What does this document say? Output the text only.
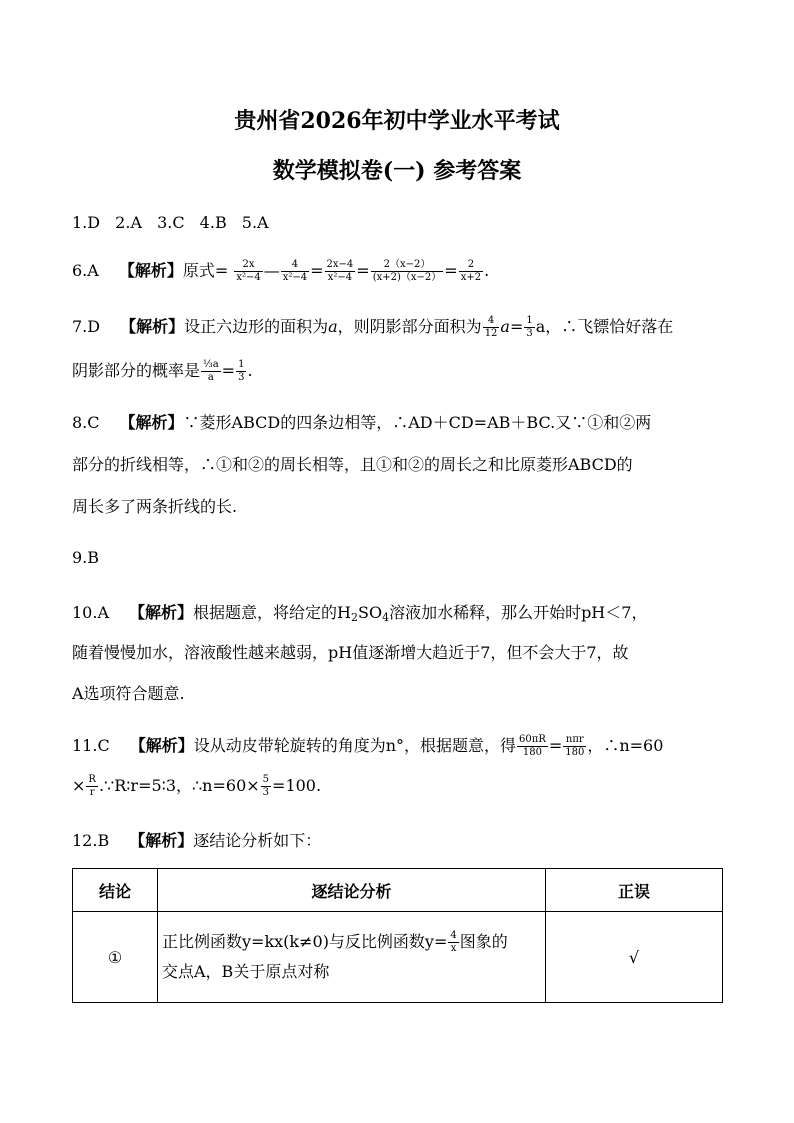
贵州省2026年初中学业水平考试
数学模拟卷(一) 参考答案
1.D 2.A 3.C 4.B 5.A
6.A 【解析】原式= $\frac{2x}{\text{x²−4}}$ — $\frac{4}{\text{x²−4}} = \frac{2x-4}{\text{x²−4}} = \frac{2(x-2)}{(x+2)(x-2)} = \frac{2}{x+2}$ .
7.D 【解析】设正六边形的面积为a，则阴影部分面积为 $\frac{4}{12} a= \frac{1}{3}$ a，∴飞镖恰好落在
阴影部分的概率是 $\frac{\text{⅓a}}{a} = \frac{1}{3}$ .
8.C 【解析】∵菱形ABCD的四条边相等，∴AD＋CD=AB＋BC.又∵①和②两
部分的折线相等，∴①和②的周长相等，且①和②的周长之和比原菱形ABCD的
周长多了两条折线的长.
9.B
10.A 【解析】根据题意，将给定的$H_2SO_4$溶液加水稀释，那么开始时pH＜7，
随着慢慢加水，溶液酸性越来越弱，pH值逐渐增大趋近于7，但不会大于7，故
A选项符合题意.
11.C 【解析】设从动皮带轮旋转的角度为n°，根据题意，得 $\frac{60\pi R}{180} = \frac{\text{nπr}}{180}$ ，∴n=60
× $\frac{R}{r}$ .∵R∶r=5∶3，∴n=60× $\frac{5}{3} =100$.
12.B 【解析】逐结论分析如下：
结论	逐结论分析	正误
①	正比例函数y=kx(k≠0)与反比例函数$y= \frac{4}{x}$ 图象的
交点A，B关于原点对称	√
